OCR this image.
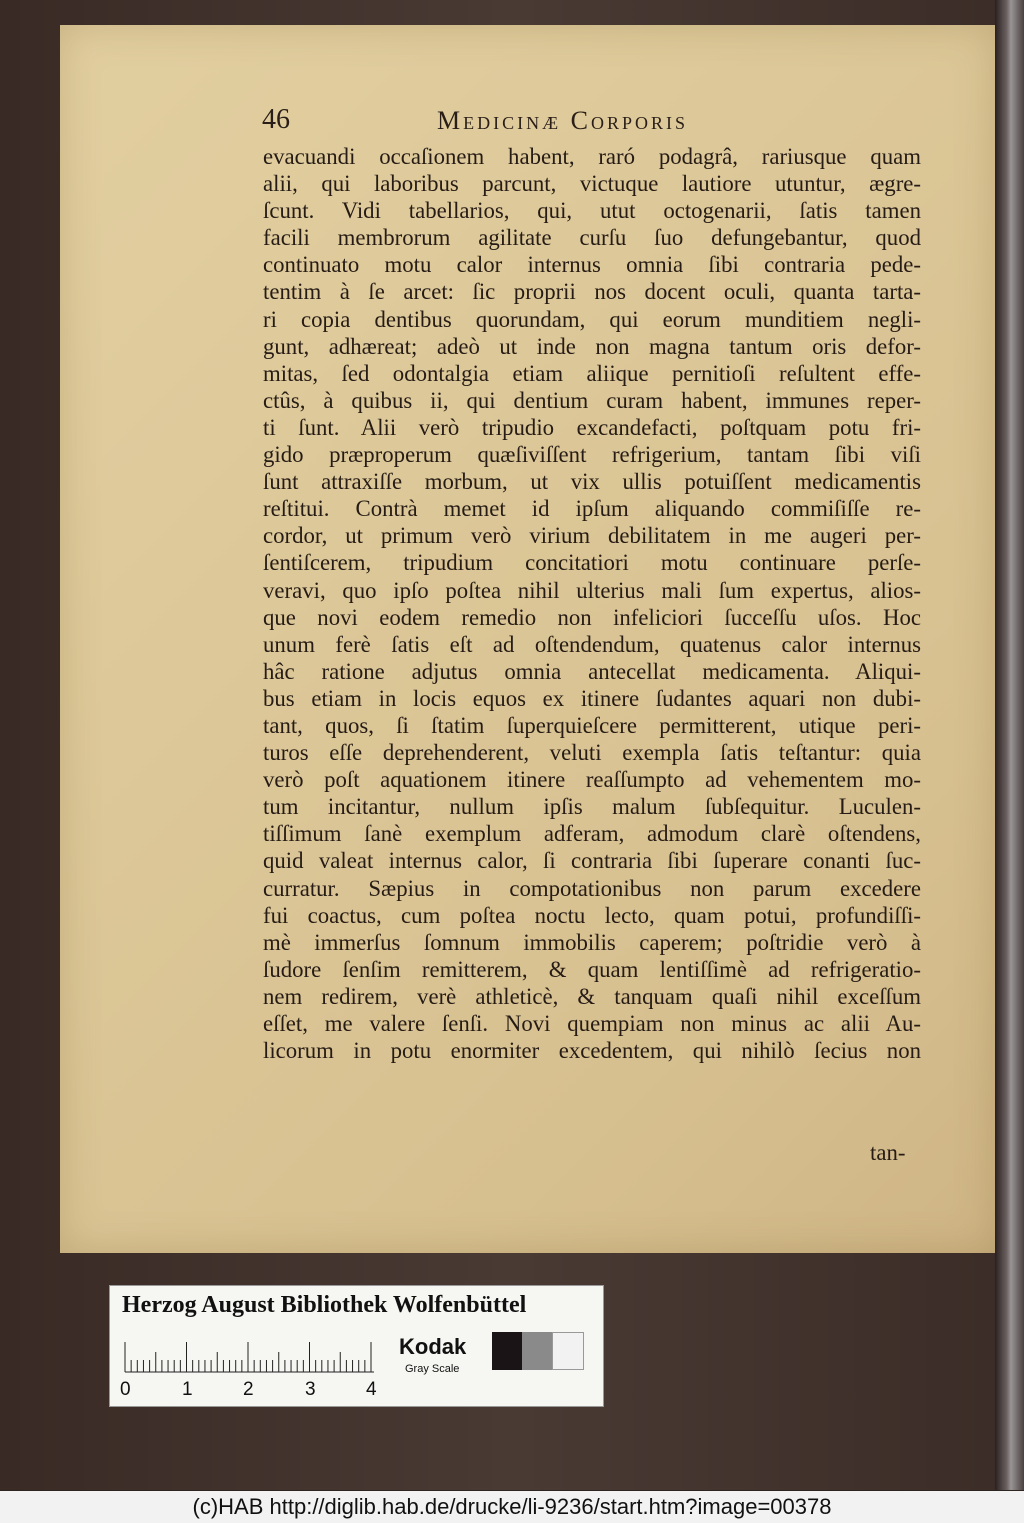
46	Medicinæ Corporis
evacuandi occaſionem habent, raró podagrâ, rariusque quam
alii, qui laboribus parcunt, victuque lautiore utuntur, ægre-
ſcunt. Vidi tabellarios, qui, utut octogenarii, ſatis tamen
facili membrorum agilitate curſu ſuo defungebantur, quod
continuato motu calor internus omnia ſibi contraria pede-
tentim à ſe arcet: ſic proprii nos docent oculi, quanta tarta-
ri copia dentibus quorundam, qui eorum munditiem negli-
gunt, adhæreat; adeò ut inde non magna tantum oris defor-
mitas, ſed odontalgia etiam aliique pernitioſi reſultent effe-
ctûs, à quibus ii, qui dentium curam habent, immunes reper-
ti ſunt. Alii verò tripudio excandefacti, poſtquam potu fri-
gido præproperum quæſiviſſent refrigerium, tantam ſibi viſi
ſunt attraxiſſe morbum, ut vix ullis potuiſſent medicamentis
reſtitui. Contrà memet id ipſum aliquando commiſiſſe re-
cordor, ut primum verò virium debilitatem in me augeri per-
ſentiſcerem, tripudium concitatiori motu continuare perſe-
veravi, quo ipſo poſtea nihil ulterius mali ſum expertus, alios-
que novi eodem remedio non infeliciori ſucceſſu uſos. Hoc
unum ferè ſatis eſt ad oſtendendum, quatenus calor internus
hâc ratione adjutus omnia antecellat medicamenta. Aliqui-
bus etiam in locis equos ex itinere ſudantes aquari non dubi-
tant, quos, ſi ſtatim ſuperquieſcere permitterent, utique peri-
turos eſſe deprehenderent, veluti exempla ſatis teſtantur: quia
verò poſt aquationem itinere reaſſumpto ad vehementem mo-
tum incitantur, nullum ipſis malum ſubſequitur. Luculen-
tiſſimum ſanè exemplum adferam, admodum clarè oſtendens,
quid valeat internus calor, ſi contraria ſibi ſuperare conanti ſuc-
curratur. Sæpius in compotationibus non parum excedere
fui coactus, cum poſtea noctu lecto, quam potui, profundiſſi-
mè immerſus ſomnum immobilis caperem; poſtridie verò à
ſudore ſenſim remitterem, & quam lentiſſimè ad refrigeratio-
nem redirem, verè athleticè, & tanquam quaſi nihil exceſſum
eſſet, me valere ſenſi. Novi quempiam non minus ac alii Au-
licorum in potu enormiter excedentem, qui nihilò ſecius non
tan-
Herzog August Bibliothek Wolfenbüttel
0	1	2	3	4
Kodak
Gray Scale
(c)HAB http://diglib.hab.de/drucke/li-9236/start.htm?image=00378
